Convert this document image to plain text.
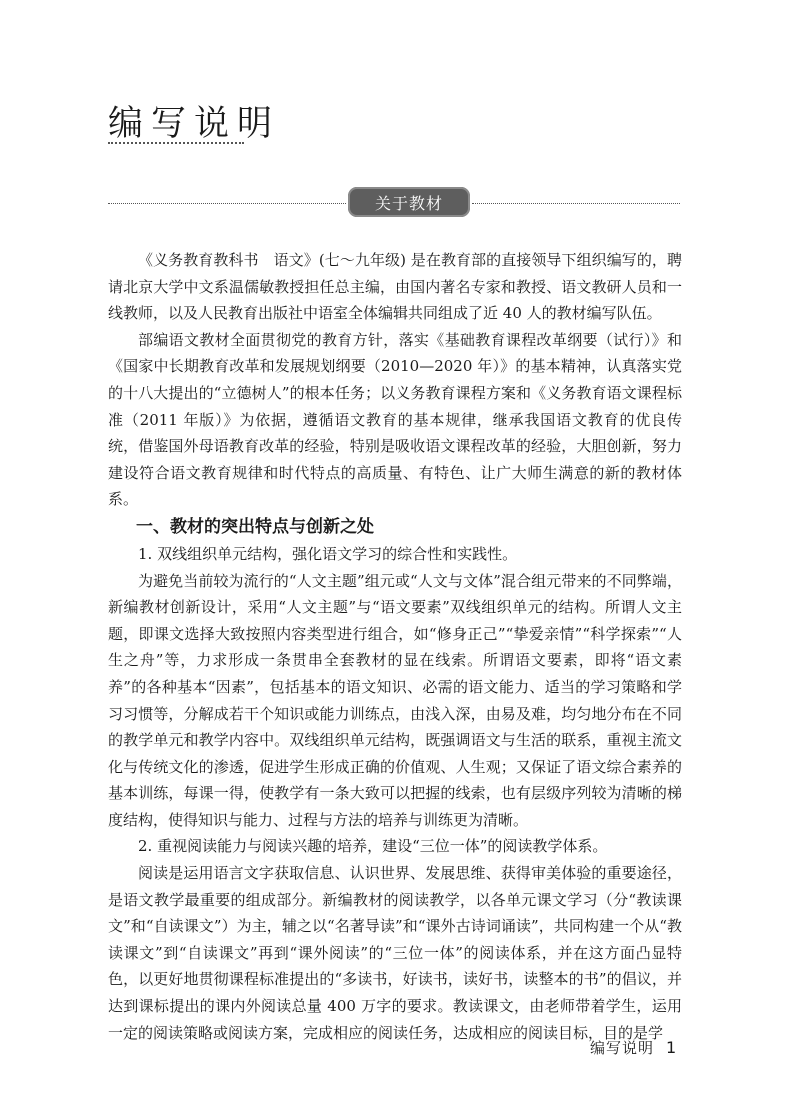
编写说明
关于教材

《义务教育教科书　语文》(七～九年级) 是在教育部的直接领导下组织编写的，聘请北京大学中文系温儒敏教授担任总主编，由国内著名专家和教授、语文教研人员和一线教师，以及人民教育出版社中语室全体编辑共同组成了近 40 人的教材编写队伍。

部编语文教材全面贯彻党的教育方针，落实《基础教育课程改革纲要（试行）》和《国家中长期教育改革和发展规划纲要（2010—2020 年）》的基本精神，认真落实党的十八大提出的“立德树人”的根本任务；以义务教育课程方案和《义务教育语文课程标准（2011 年版）》为依据，遵循语文教育的基本规律，继承我国语文教育的优良传统，借鉴国外母语教育改革的经验，特别是吸收语文课程改革的经验，大胆创新，努力建设符合语文教育规律和时代特点的高质量、有特色、让广大师生满意的新的教材体系。

一、教材的突出特点与创新之处

1. 双线组织单元结构，强化语文学习的综合性和实践性。

为避免当前较为流行的“人文主题”组元或“人文与文体”混合组元带来的不同弊端，新编教材创新设计，采用“人文主题”与“语文要素”双线组织单元的结构。所谓人文主题，即课文选择大致按照内容类型进行组合，如“修身正己”“挚爱亲情”“科学探索”“人生之舟”等，力求形成一条贯串全套教材的显在线索。所谓语文要素，即将“语文素养”的各种基本“因素”，包括基本的语文知识、必需的语文能力、适当的学习策略和学习习惯等，分解成若干个知识或能力训练点，由浅入深，由易及难，均匀地分布在不同的教学单元和教学内容中。双线组织单元结构，既强调语文与生活的联系，重视主流文化与传统文化的渗透，促进学生形成正确的价值观、人生观；又保证了语文综合素养的基本训练，每课一得，使教学有一条大致可以把握的线索，也有层级序列较为清晰的梯度结构，使得知识与能力、过程与方法的培养与训练更为清晰。

2. 重视阅读能力与阅读兴趣的培养，建设“三位一体”的阅读教学体系。

阅读是运用语言文字获取信息、认识世界、发展思维、获得审美体验的重要途径，是语文教学最重要的组成部分。新编教材的阅读教学，以各单元课文学习（分“教读课文”和“自读课文”）为主，辅之以“名著导读”和“课外古诗词诵读”，共同构建一个从“教读课文”到“自读课文”再到“课外阅读”的“三位一体”的阅读体系，并在这方面凸显特色，以更好地贯彻课程标准提出的“多读书，好读书，读好书，读整本的书”的倡议，并达到课标提出的课内外阅读总量 400 万字的要求。教读课文，由老师带着学生，运用一定的阅读策略或阅读方案，完成相应的阅读任务，达成相应的阅读目标，目的是学

编写说明 1
